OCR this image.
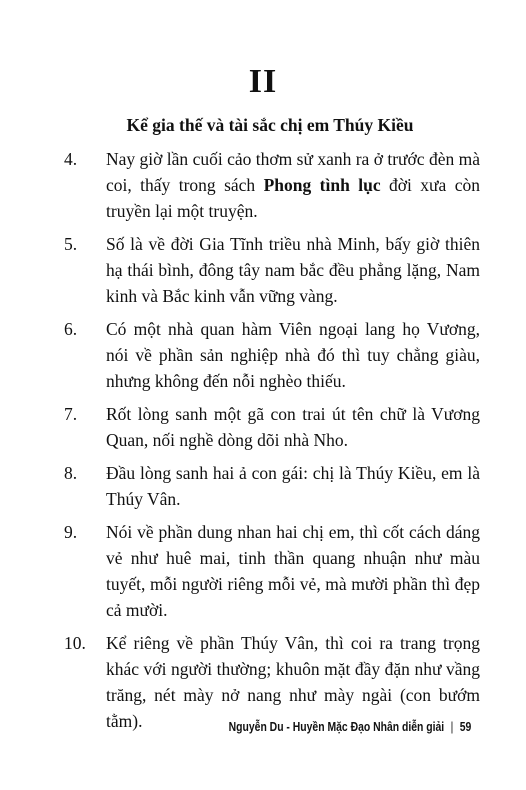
II
Kể gia thế và tài sắc chị em Thúy Kiều
4. Nay giờ lần cuối cảo thơm sử xanh ra ở trước đèn mà coi, thấy trong sách Phong tình lục đời xưa còn truyền lại một truyện.
5. Số là về đời Gia Tĩnh triều nhà Minh, bấy giờ thiên hạ thái bình, đông tây nam bắc đều phẳng lặng, Nam kinh và Bắc kinh vẫn vững vàng.
6. Có một nhà quan hàm Viên ngoại lang họ Vương, nói về phần sản nghiệp nhà đó thì tuy chẳng giàu, nhưng không đến nỗi nghèo thiếu.
7. Rốt lòng sanh một gã con trai út tên chữ là Vương Quan, nối nghề dòng dõi nhà Nho.
8. Đầu lòng sanh hai ả con gái: chị là Thúy Kiều, em là Thúy Vân.
9. Nói về phần dung nhan hai chị em, thì cốt cách dáng vẻ như huê mai, tinh thần quang nhuận như màu tuyết, mỗi người riêng mỗi vẻ, mà mười phần thì đẹp cả mười.
10. Kể riêng về phần Thúy Vân, thì coi ra trang trọng khác với người thường; khuôn mặt đầy đặn như vầng trăng, nét mày nở nang như mày ngài (con bướm tằm).	Nguyễn Du - Huyền Mặc Đạo Nhân diễn giải | 59
